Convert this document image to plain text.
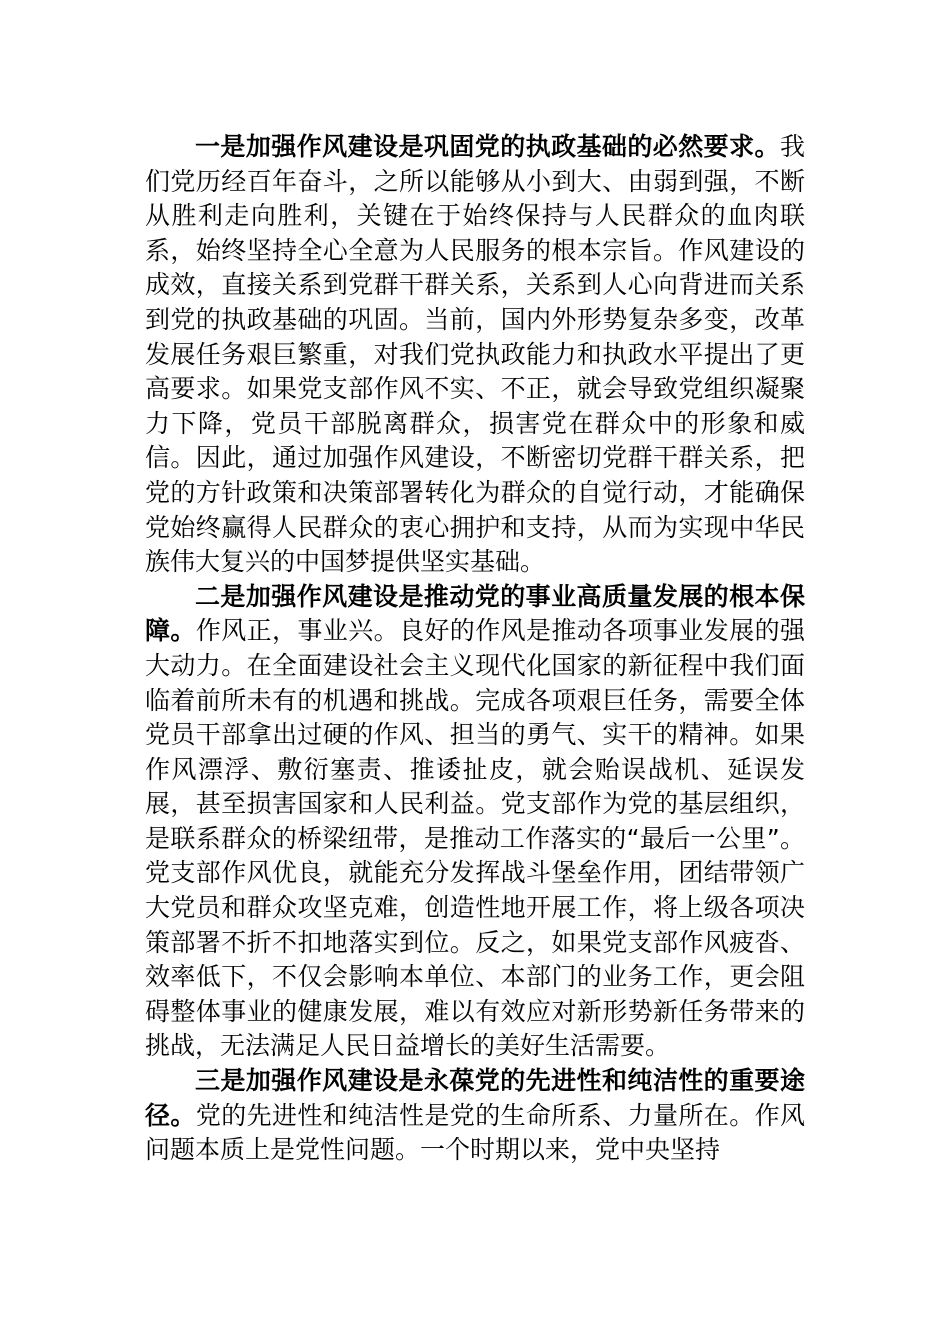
一是加强作风建设是巩固党的执政基础的必然要求。我们党历经百年奋斗，之所以能够从小到大、由弱到强，不断从胜利走向胜利，关键在于始终保持与人民群众的血肉联系，始终坚持全心全意为人民服务的根本宗旨。作风建设的成效，直接关系到党群干群关系，关系到人心向背进而关系到党的执政基础的巩固。当前，国内外形势复杂多变，改革发展任务艰巨繁重，对我们党执政能力和执政水平提出了更高要求。如果党支部作风不实、不正，就会导致党组织凝聚力下降，党员干部脱离群众，损害党在群众中的形象和威信。因此，通过加强作风建设，不断密切党群干群关系，把党的方针政策和决策部署转化为群众的自觉行动，才能确保党始终赢得人民群众的衷心拥护和支持，从而为实现中华民族伟大复兴的中国梦提供坚实基础。

二是加强作风建设是推动党的事业高质量发展的根本保障。作风正，事业兴。良好的作风是推动各项事业发展的强大动力。在全面建设社会主义现代化国家的新征程中我们面临着前所未有的机遇和挑战。完成各项艰巨任务，需要全体党员干部拿出过硬的作风、担当的勇气、实干的精神。如果作风漂浮、敷衍塞责、推诿扯皮，就会贻误战机、延误发展，甚至损害国家和人民利益。党支部作为党的基层组织，是联系群众的桥梁纽带，是推动工作落实的“最后一公里”。党支部作风优良，就能充分发挥战斗堡垒作用，团结带领广大党员和群众攻坚克难，创造性地开展工作，将上级各项决策部署不折不扣地落实到位。反之，如果党支部作风疲沓、效率低下，不仅会影响本单位、本部门的业务工作，更会阻碍整体事业的健康发展，难以有效应对新形势新任务带来的挑战，无法满足人民日益增长的美好生活需要。

三是加强作风建设是永葆党的先进性和纯洁性的重要途径。党的先进性和纯洁性是党的生命所系、力量所在。作风问题本质上是党性问题。一个时期以来，党中央坚持
